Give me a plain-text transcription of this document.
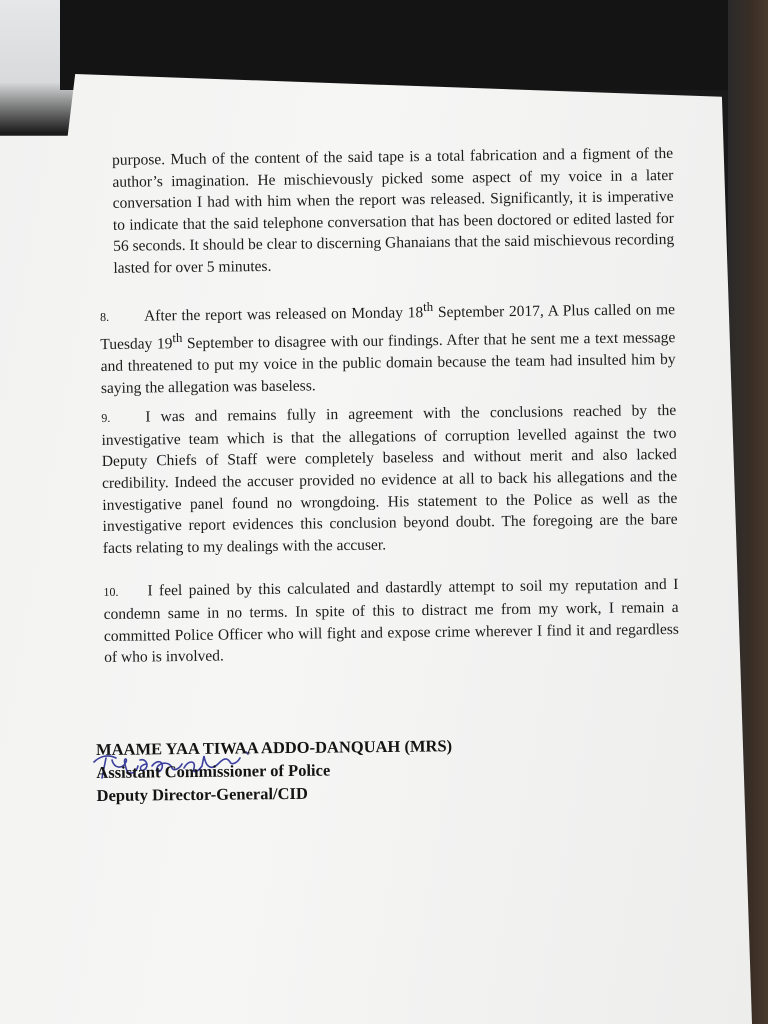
purpose. Much of the content of the said tape is a total fabrication and a figment of the author’s imagination. He mischievously picked some aspect of my voice in a later conversation I had with him when the report was released. Significantly, it is imperative to indicate that the said telephone conversation that has been doctored or edited lasted for 56 seconds. It should be clear to discerning Ghanaians that the said mischievous recording lasted for over 5 minutes.

8. After the report was released on Monday 18th September 2017, A Plus called on me Tuesday 19th September to disagree with our findings. After that he sent me a text message and threatened to put my voice in the public domain because the team had insulted him by saying the allegation was baseless.

9. I was and remains fully in agreement with the conclusions reached by the investigative team which is that the allegations of corruption levelled against the two Deputy Chiefs of Staff were completely baseless and without merit and also lacked credibility. Indeed the accuser provided no evidence at all to back his allegations and the investigative panel found no wrongdoing. His statement to the Police as well as the investigative report evidences this conclusion beyond doubt. The foregoing are the bare facts relating to my dealings with the accuser.

10. I feel pained by this calculated and dastardly attempt to soil my reputation and I condemn same in no terms. In spite of this to distract me from my work, I remain a committed Police Officer who will fight and expose crime wherever I find it and regardless of who is involved.

MAAME YAA TIWAA ADDO-DANQUAH (MRS)
Assistant Commissioner of Police
Deputy Director-General/CID
